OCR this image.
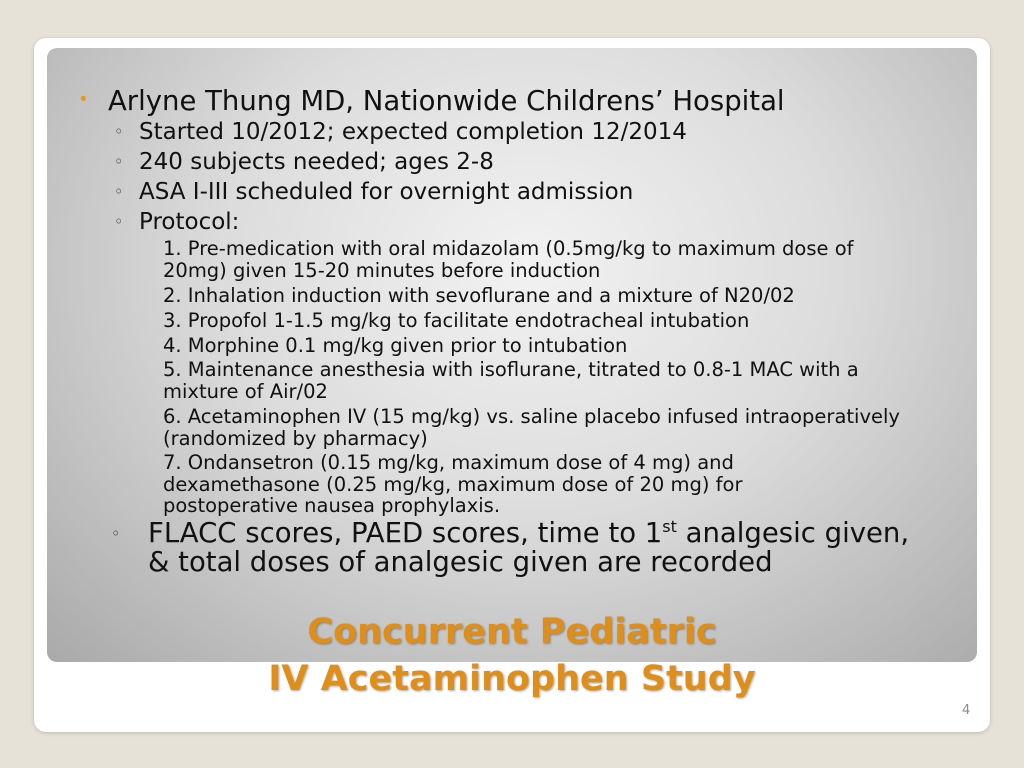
• Arlyne Thung MD, Nationwide Childrens’ Hospital
◦ Started 10/2012; expected completion 12/2014
◦ 240 subjects needed; ages 2-8
◦ ASA I-III scheduled for overnight admission
◦ Protocol:
1. Pre-medication with oral midazolam (0.5mg/kg to maximum dose of 20mg) given 15-20 minutes before induction
2. Inhalation induction with sevoflurane and a mixture of N20/02
3. Propofol 1-1.5 mg/kg to facilitate endotracheal intubation
4. Morphine 0.1 mg/kg given prior to intubation
5. Maintenance anesthesia with isoflurane, titrated to 0.8-1 MAC with a mixture of Air/02
6. Acetaminophen IV (15 mg/kg) vs. saline placebo infused intraoperatively (randomized by pharmacy)
7. Ondansetron (0.15 mg/kg, maximum dose of 4 mg) and dexamethasone (0.25 mg/kg, maximum dose of 20 mg) for postoperative nausea prophylaxis.
◦ FLACC scores, PAED scores, time to 1st analgesic given, & total doses of analgesic given are recorded
Concurrent Pediatric
IV Acetaminophen Study
4
